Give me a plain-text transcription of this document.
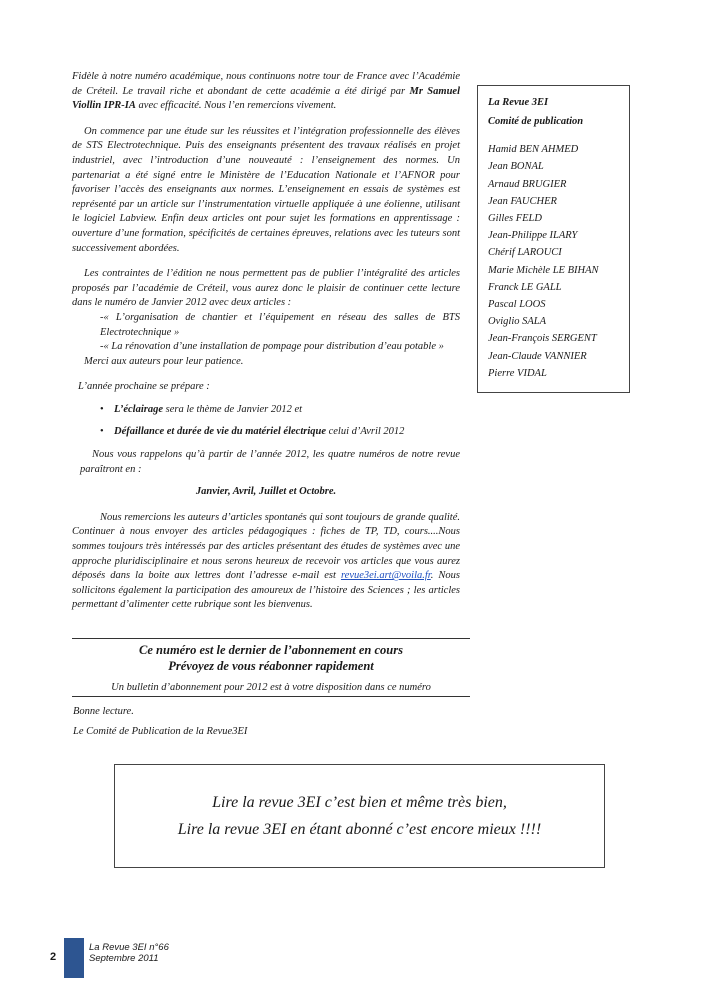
Fidèle à notre numéro académique, nous continuons notre tour de France avec l’Académie de Créteil. Le travail riche et abondant de cette académie a été dirigé par Mr Samuel Viollin IPR-IA avec efficacité. Nous l’en remercions vivement.

On commence par une étude sur les réussites et l’intégration professionnelle des élèves de STS Electrotechnique. Puis des enseignants présentent des travaux réalisés en projet industriel, avec l’introduction d’une nouveauté : l’enseignement des normes. Un partenariat a été signé entre le Ministère de l’Education Nationale et l’AFNOR pour favoriser l’accès des enseignants aux normes. L’enseignement en essais de systèmes est représenté par un article sur l’instrumentation virtuelle appliquée à une éolienne, utilisant le logiciel Labview. Enfin deux articles ont pour sujet les formations en apprentissage : ouverture d’une formation, spécificités de certaines épreuves, relations avec les tuteurs sont successivement abordées.

Les contraintes de l’édition ne nous permettent pas de publier l’intégralité des articles proposés par l’académie de Créteil, vous aurez donc le plaisir de continuer cette lecture dans le numéro de Janvier 2012 avec deux articles :

-« L’organisation de chantier et l’équipement en réseau des salles de BTS Electrotechnique »

-« La rénovation d’une installation de pompage pour distribution d’eau potable »

Merci aux auteurs pour leur patience.

L’année prochaine se prépare :

• L’éclairage sera le thème de Janvier 2012 et
• Défaillance et durée de vie du matériel électrique celui d’Avril 2012

Nous vous rappelons qu’à partir de l’année 2012, les quatre numéros de notre revue paraîtront en :

Janvier, Avril, Juillet et Octobre.

Nous remercions les auteurs d’articles spontanés qui sont toujours de grande qualité. Continuer à nous envoyer des articles pédagogiques : fiches de TP, TD, cours....Nous sommes toujours très intéressés par des articles présentant des études de systèmes avec une approche pluridisciplinaire et nous serons heureux de recevoir vos articles que vous aurez déposés dans la boite aux lettres dont l’adresse e-mail est revue3ei.art@voila.fr. Nous sollicitons également la participation des amoureux de l’histoire des Sciences ; les articles permettant d’alimenter cette rubrique sont les bienvenus.

Ce numéro est le dernier de l’abonnement en cours
Prévoyez de vous réabonner rapidement
Un bulletin d’abonnement pour 2012 est à votre disposition dans ce numéro
Bonne lecture.
Le Comité de Publication de la Revue3EI

La Revue 3EI

Comité de publication

Hamid BEN AHMED
Jean BONAL
Arnaud BRUGIER
Jean FAUCHER
Gilles FELD
Jean-Philippe ILARY
Chérif LAROUCI
Marie Michèle LE BIHAN
Franck LE GALL
Pascal LOOS
Oviglio SALA
Jean-François SERGENT
Jean-Claude VANNIER
Pierre VIDAL
Lire la revue 3EI c’est bien et même très bien,
Lire la revue 3EI en étant abonné c’est encore mieux !!!!
2
La Revue 3EI n°66
Septembre 2011
